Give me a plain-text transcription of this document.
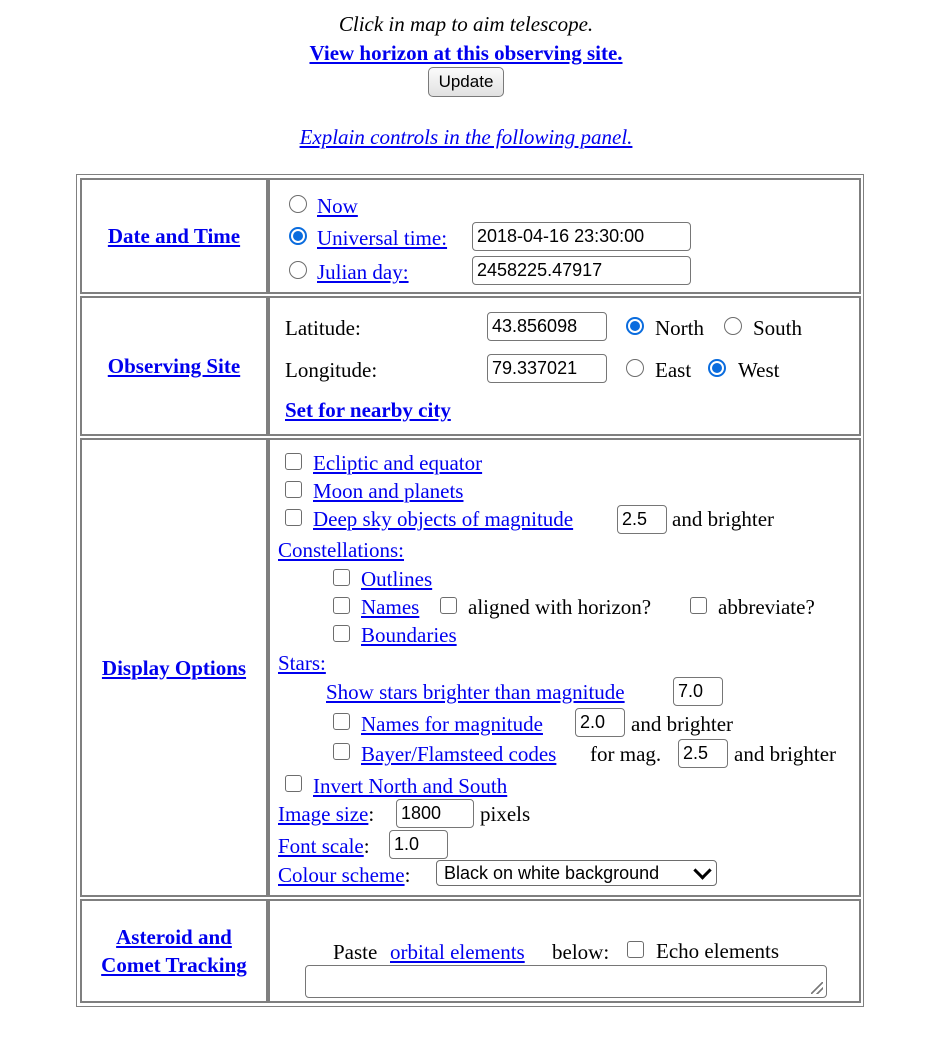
Click in map to aim telescope.
View horizon at this observing site.
Update
Explain controls in the following panel.
Date and Time
Now
Universal time:
2018-04-16 23:30:00
Julian day:
2458225.47917
Observing Site
Latitude:
43.856098	North South
Longitude:
79.337021	East West
Set for nearby city
Display Options
Ecliptic and equator
Moon and planets
Deep sky objects of magnitude
2.5	and brighter
Constellations:
Outlines
Names aligned with horizon?	abbreviate?
Boundaries
Stars:
Show stars brighter than magnitude
7.0
Names for magnitude
2.0	and brighter
Bayer/Flamsteed codes for mag.
2.5	and brighter
Invert North and South
Image size:
1800	pixels
Font scale:
1.0
Colour scheme:	Black on white background
Asteroid and
Comet Tracking
Paste orbital elements below: Echo elements
